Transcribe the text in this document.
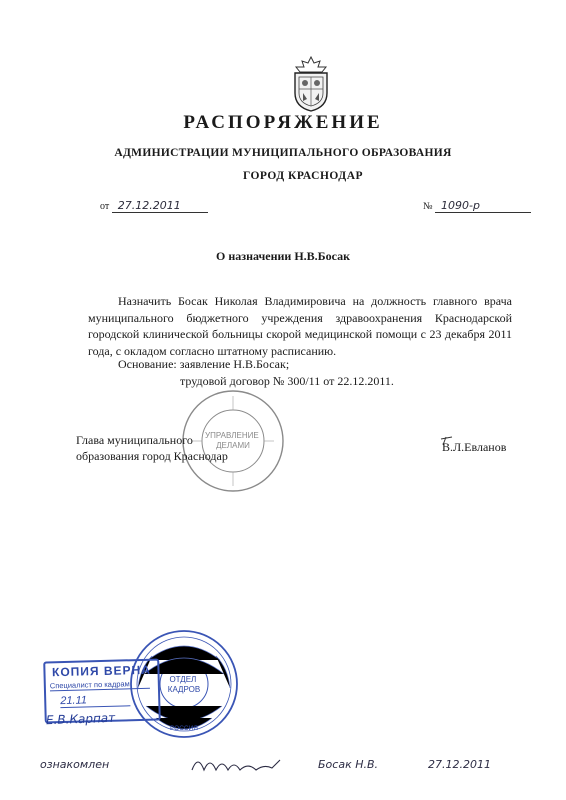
РАСПОРЯЖЕНИЕ
АДМИНИСТРАЦИИ МУНИЦИПАЛЬНОГО ОБРАЗОВАНИЯ
ГОРОД КРАСНОДАР
от 27.12.2011	№ 1090-р
О назначении Н.В.Босак

Назначить Босак Николая Владимировича на должность главного врача муниципального бюджетного учреждения здравоохранения Краснодарской городской клинической больницы скорой медицинской помощи с 23 декабря 2011 года, с окладом согласно штатному расписанию.

Основание: заявление Н.В.Босак;
трудовой договор № 300/11 от 22.12.2011.
УПРАВЛЕНИЕ ДЕЛАМИ
Глава муниципального
образования город Краснодар
В.Л.Евланов
ОТДЕЛ КАДРОВ
РОССИЯ
КОПИЯ ВЕРНА
Специалист по кадрам
21.11
Е.В.Карпат
ознакомлен	Босак Н.В.	27.12.2011
